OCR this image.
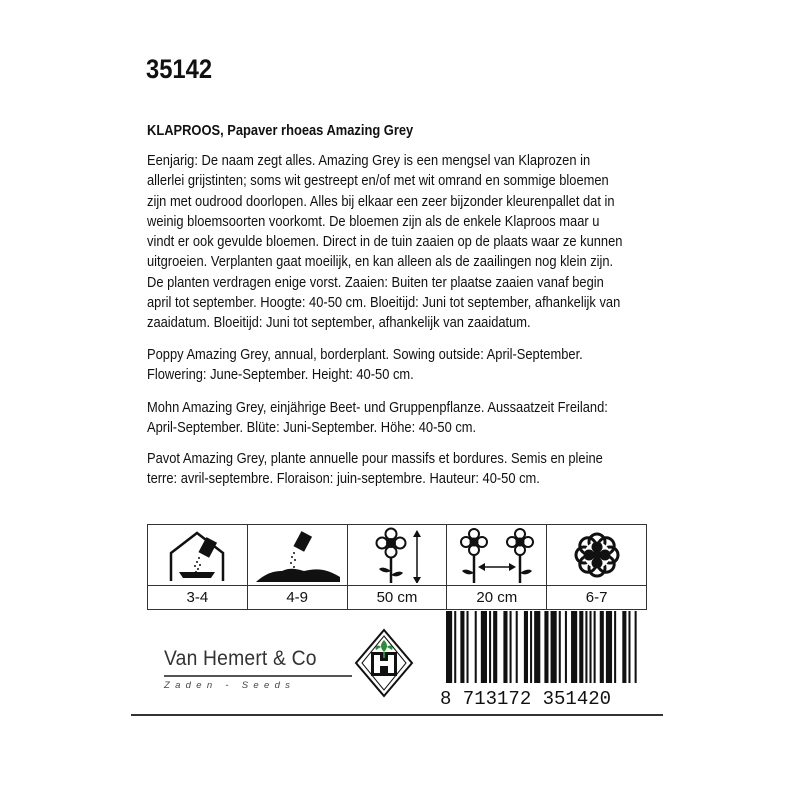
35142
KLAPROOS, Papaver rhoeas Amazing Grey
Eenjarig: De naam zegt alles. Amazing Grey is een mengsel van Klaprozen in allerlei grijstinten; soms wit gestreept en/of met wit omrand en sommige bloemen zijn met oudrood doorlopen. Alles bij elkaar een zeer bijzonder kleurenpallet dat in weinig bloemsoorten voorkomt. De bloemen zijn als de enkele Klaproos maar u vindt er ook gevulde bloemen. Direct in de tuin zaaien op de plaats waar ze kunnen uitgroeien. Verplanten gaat moeilijk, en kan alleen als de zaailingen nog klein zijn. De planten verdragen enige vorst. Zaaien: Buiten ter plaatse zaaien vanaf begin april tot september. Hoogte: 40-50 cm. Bloeitijd: Juni tot september, afhankelijk van zaaidatum. Bloeitijd: Juni tot september, afhankelijk van zaaidatum.
Poppy Amazing Grey, annual, borderplant. Sowing outside: April-September. Flowering: June-September. Height: 40-50 cm.
Mohn Amazing Grey, einjährige Beet- und Gruppenpflanze. Aussaatzeit Freiland: April-September. Blüte: Juni-September. Höhe: 40-50 cm.
Pavot Amazing Grey, plante annuelle pour massifs et bordures. Semis en pleine terre: avril-septembre. Floraison: juin-septembre. Hauteur: 40-50 cm.
3-4	4-9	50 cm	20 cm	6-7
Van Hemert & Co
Zaden - Seeds
8 713172 351420
